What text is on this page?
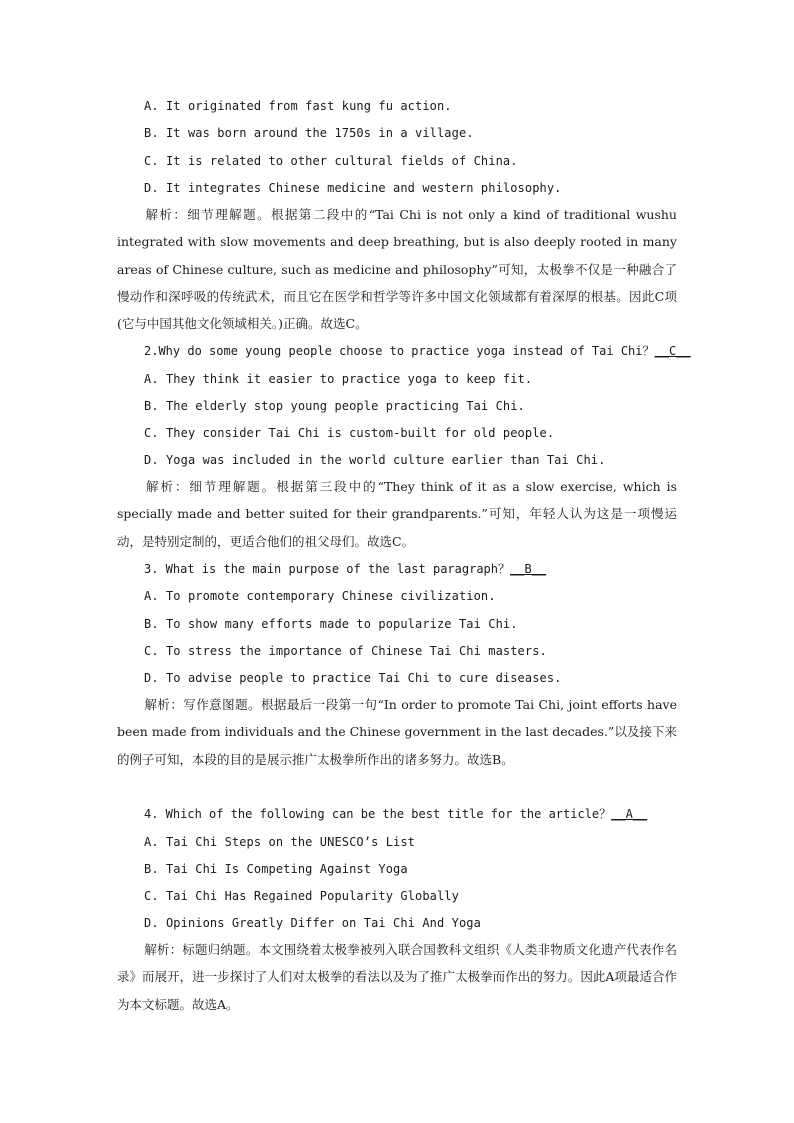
A. It originated from fast kung fu action.
B. It was born around the 1750s in a village.
C. It is related to other cultural fields of China.
D. It integrates Chinese medicine and western philosophy.
解析：细节理解题。根据第二段中的“Tai Chi is not only a kind of traditional wushu integrated with slow movements and deep breathing, but is also deeply rooted in many areas of Chinese culture, such as medicine and philosophy”可知，太极拳不仅是一种融合了慢动作和深呼吸的传统武术，而且它在医学和哲学等许多中国文化领域都有着深厚的根基。因此C项(它与中国其他文化领域相关。)正确。故选C。
2.Why do some young people choose to practice yoga instead of Tai Chi？__C__
A. They think it easier to practice yoga to keep fit.
B. The elderly stop young people practicing Tai Chi.
C. They consider Tai Chi is custom-built for old people.
D. Yoga was included in the world culture earlier than Tai Chi.
解析：细节理解题。根据第三段中的“They think of it as a slow exercise, which is specially made and better suited for their grandparents.”可知，年轻人认为这是一项慢运动，是特别定制的，更适合他们的祖父母们。故选C。
3. What is the main purpose of the last paragraph？__B__
A. To promote contemporary Chinese civilization.
B. To show many efforts made to popularize Tai Chi.
C. To stress the importance of Chinese Tai Chi masters.
D. To advise people to practice Tai Chi to cure diseases.
解析：写作意图题。根据最后一段第一句“In order to promote Tai Chi, joint efforts have been made from individuals and the Chinese government in the last decades.”以及接下来的例子可知，本段的目的是展示推广太极拳所作出的诸多努力。故选B。
4. Which of the following can be the best title for the article？__A__
A. Tai Chi Steps on the UNESCO’s List
B. Tai Chi Is Competing Against Yoga
C. Tai Chi Has Regained Popularity Globally
D. Opinions Greatly Differ on Tai Chi And Yoga
解析：标题归纳题。本文围绕着太极拳被列入联合国教科文组织《人类非物质文化遗产代表作名录》而展开，进一步探讨了人们对太极拳的看法以及为了推广太极拳而作出的努力。因此A项最适合作为本文标题。故选A。
